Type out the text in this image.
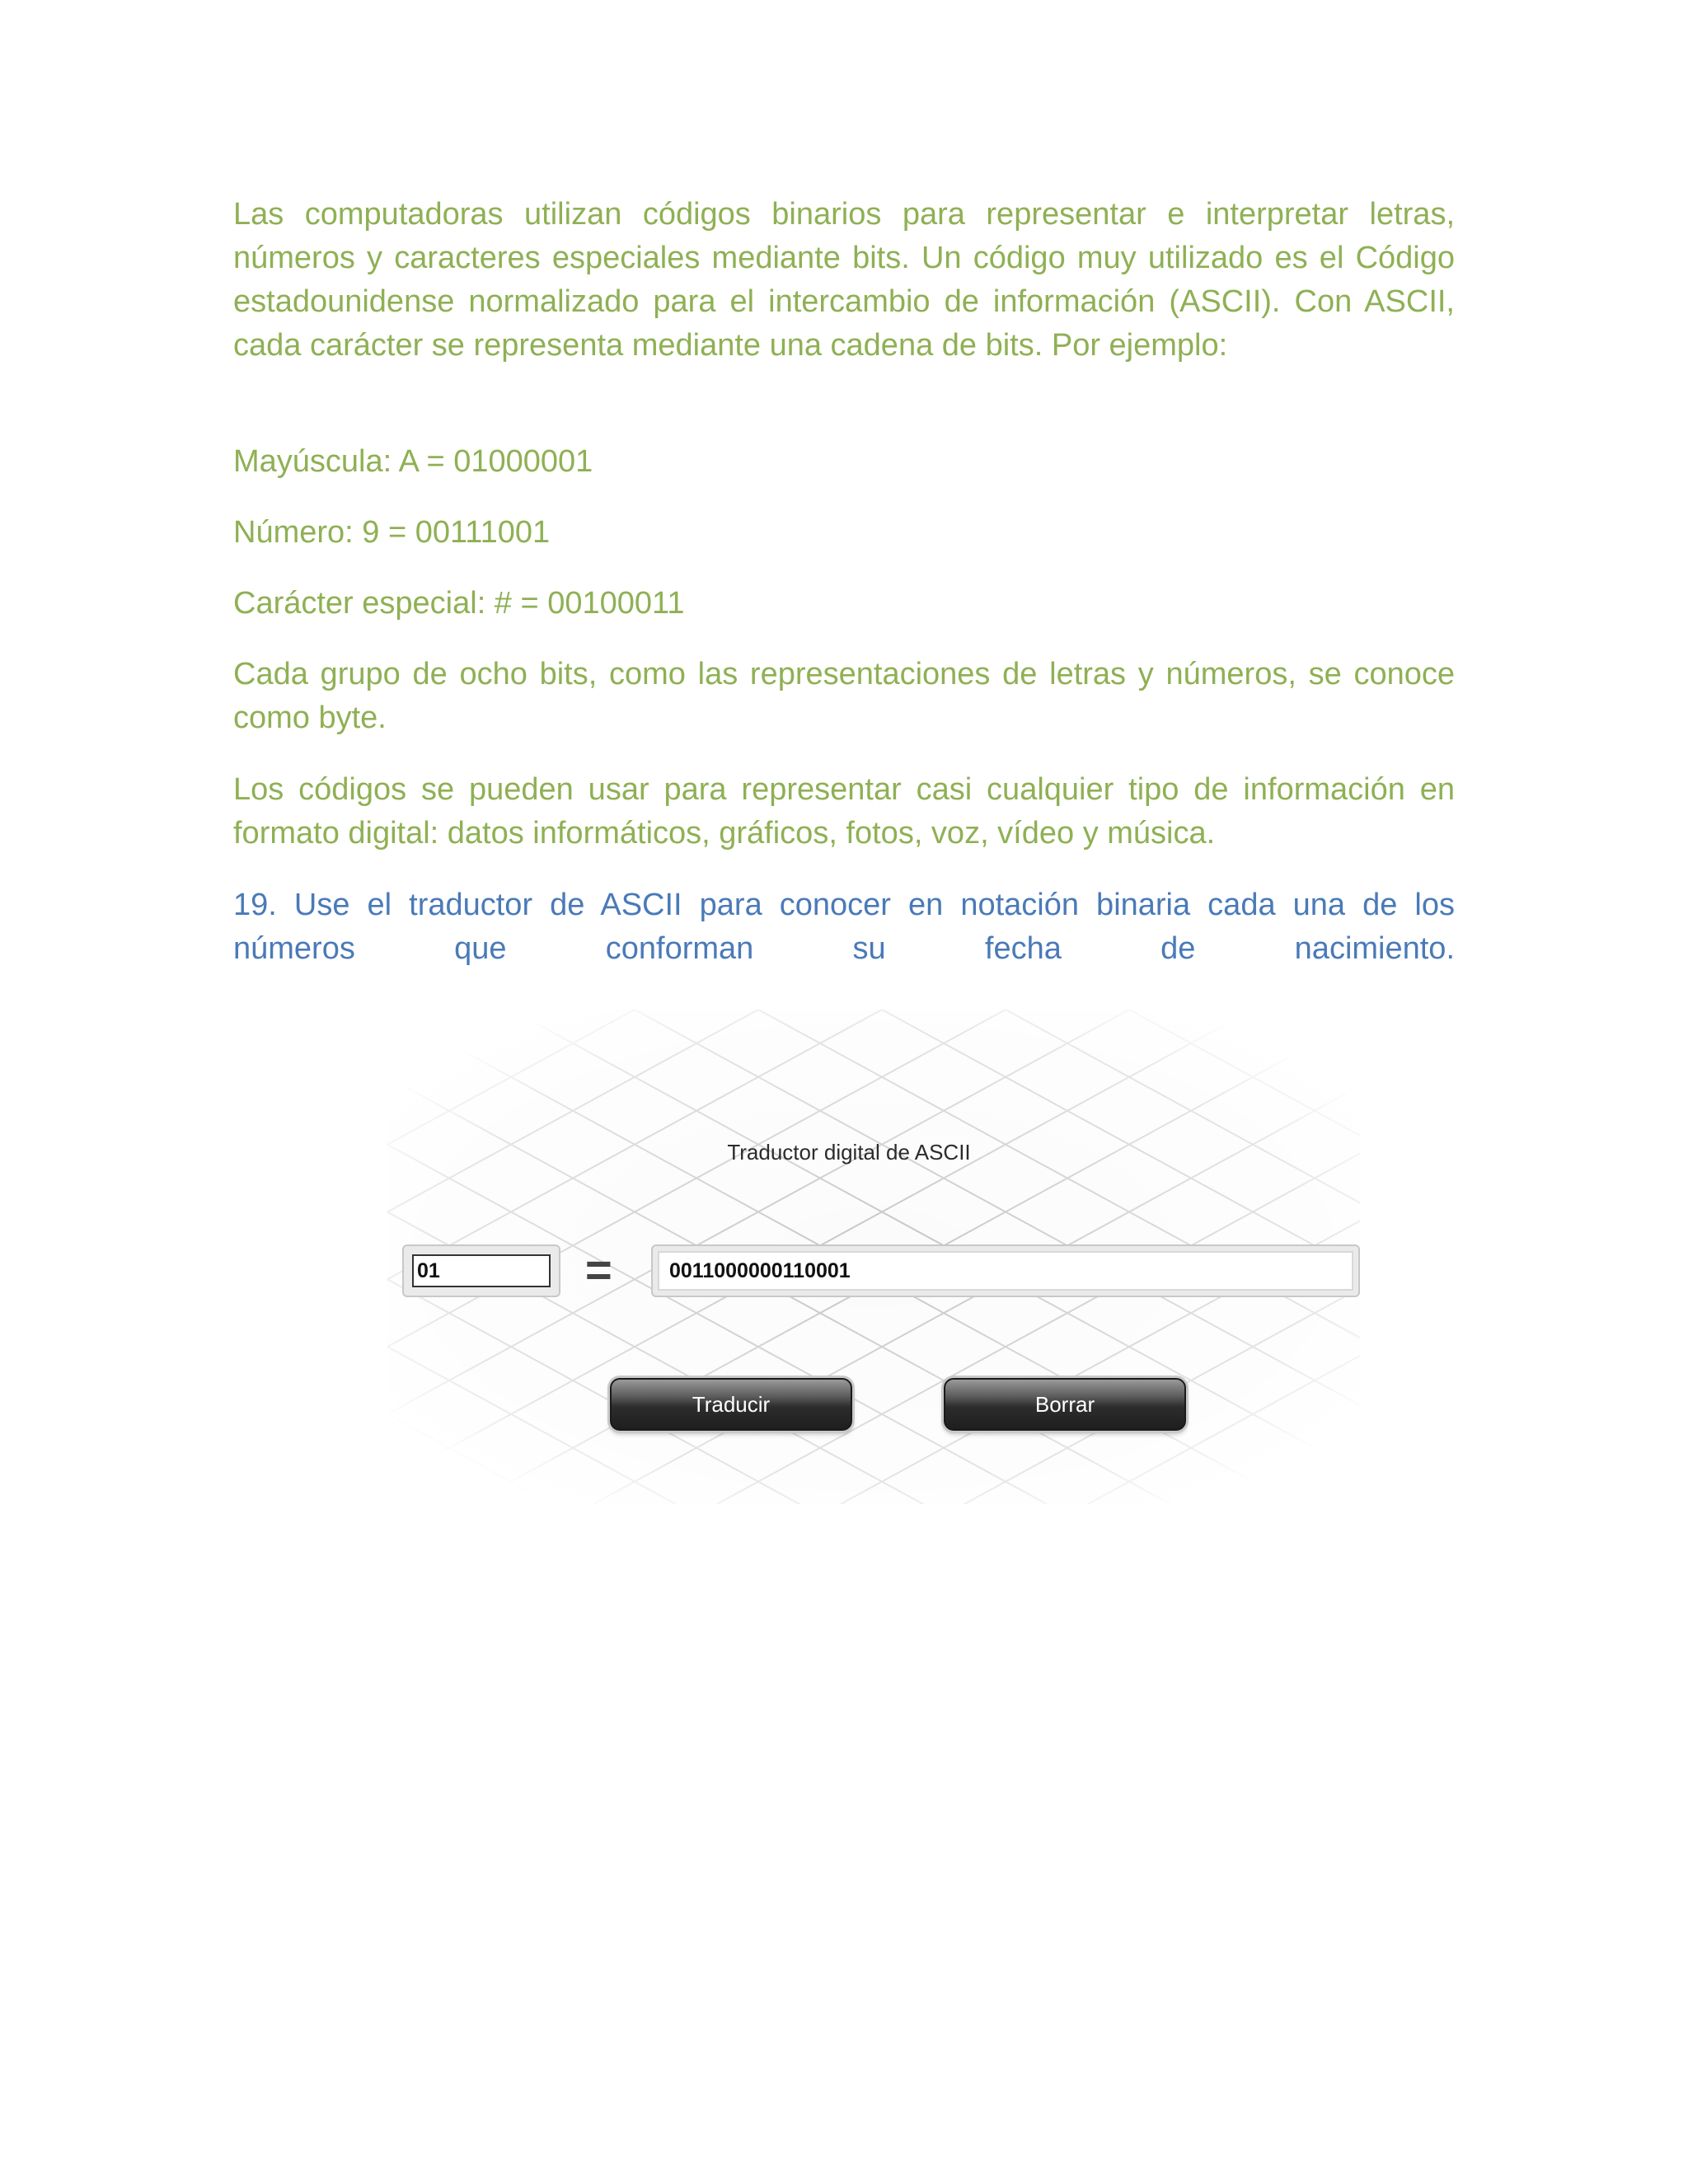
Las computadoras utilizan códigos binarios para representar e interpretar letras, números y caracteres especiales mediante bits. Un código muy utilizado es el Código estadounidense normalizado para el intercambio de información (ASCII). Con ASCII, cada carácter se representa mediante una cadena de bits. Por ejemplo:

Mayúscula: A = 01000001

Número: 9 = 00111001

Carácter especial: # = 00100011

Cada grupo de ocho bits, como las representaciones de letras y números, se conoce como byte.

Los códigos se pueden usar para representar casi cualquier tipo de información en formato digital: datos informáticos, gráficos, fotos, voz, vídeo y música.

19. Use el traductor de ASCII para conocer en notación binaria cada una de los números que conforman su fecha de nacimiento.

Traductor digital de ASCII
01
=
0011000000110001
Traducir	Borrar
